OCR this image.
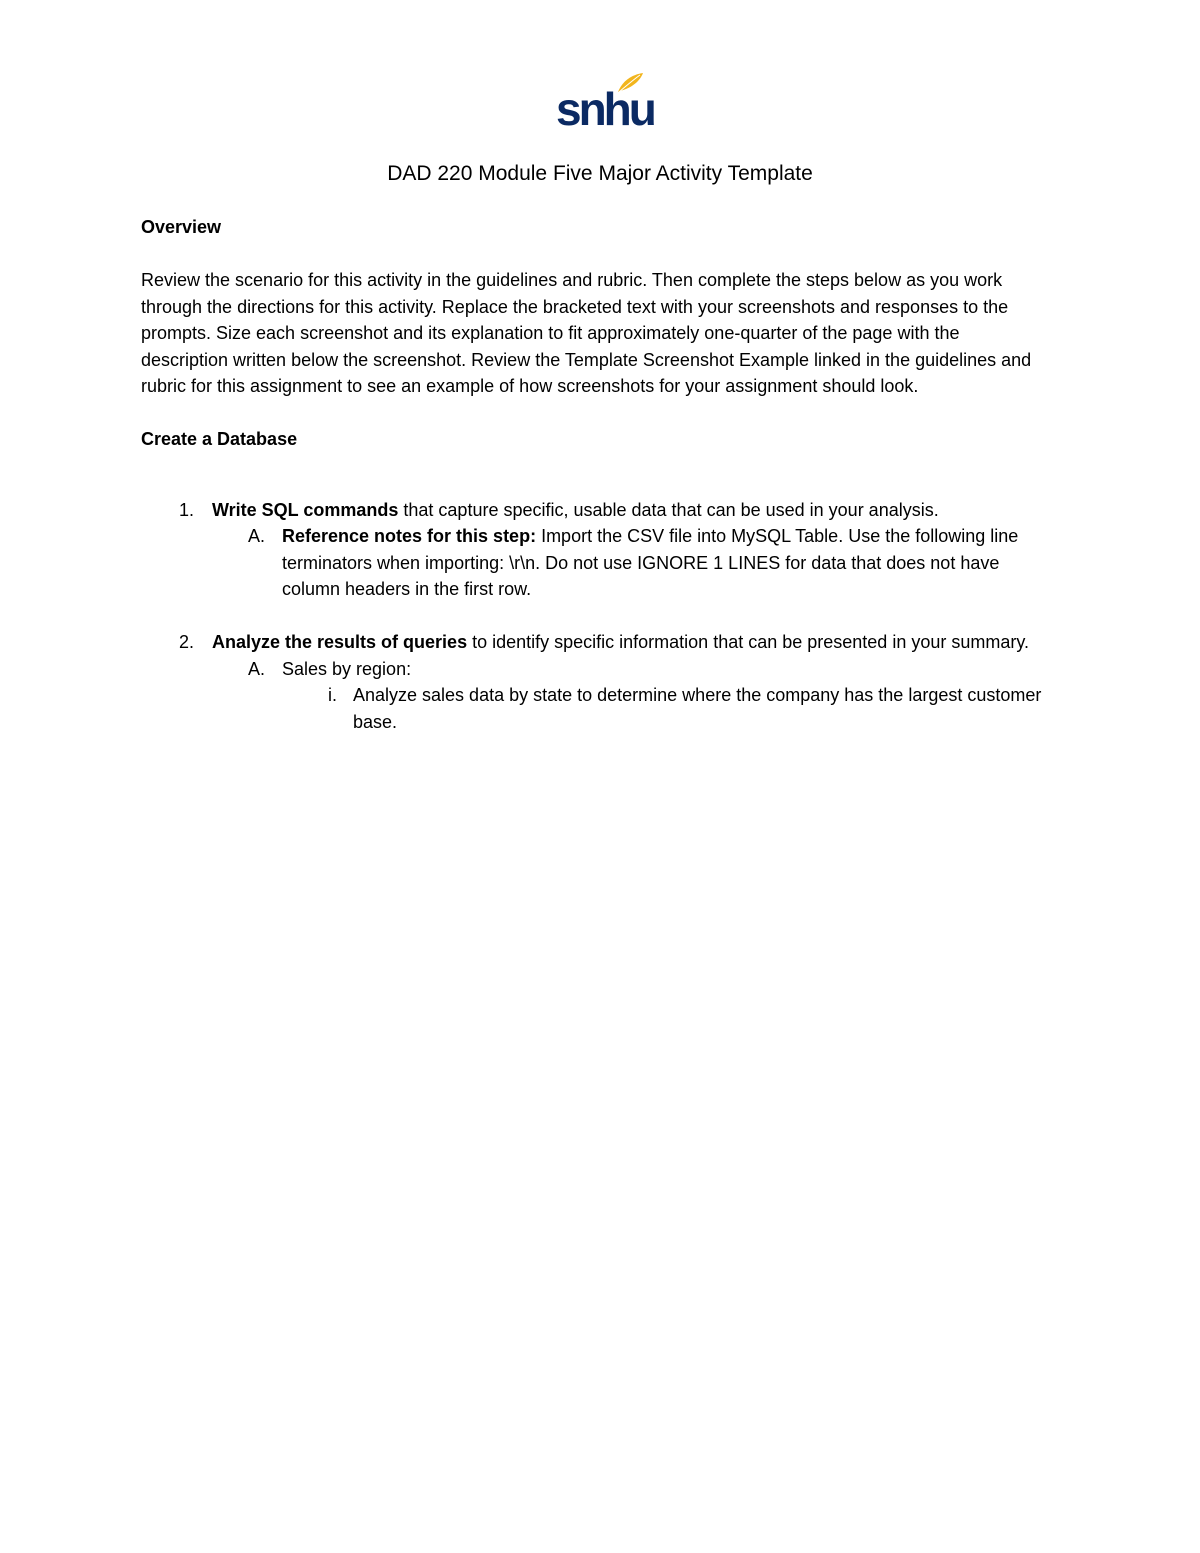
snhu
DAD 220 Module Five Major Activity Template

Overview

Review the scenario for this activity in the guidelines and rubric. Then complete the steps below as you work through the directions for this activity. Replace the bracketed text with your screenshots and responses to the prompts. Size each screenshot and its explanation to fit approximately one-quarter of the page with the description written below the screenshot. Review the Template Screenshot Example linked in the guidelines and rubric for this assignment to see an example of how screenshots for your assignment should look.

Create a Database

1. Write SQL commands that capture specific, usable data that can be used in your analysis.
A. Reference notes for this step: Import the CSV file into MySQL Table. Use the following line terminators when importing: \r\n. Do not use IGNORE 1 LINES for data that does not have column headers in the first row.
2. Analyze the results of queries to identify specific information that can be presented in your summary.
A. Sales by region:
i. Analyze sales data by state to determine where the company has the largest customer base.
